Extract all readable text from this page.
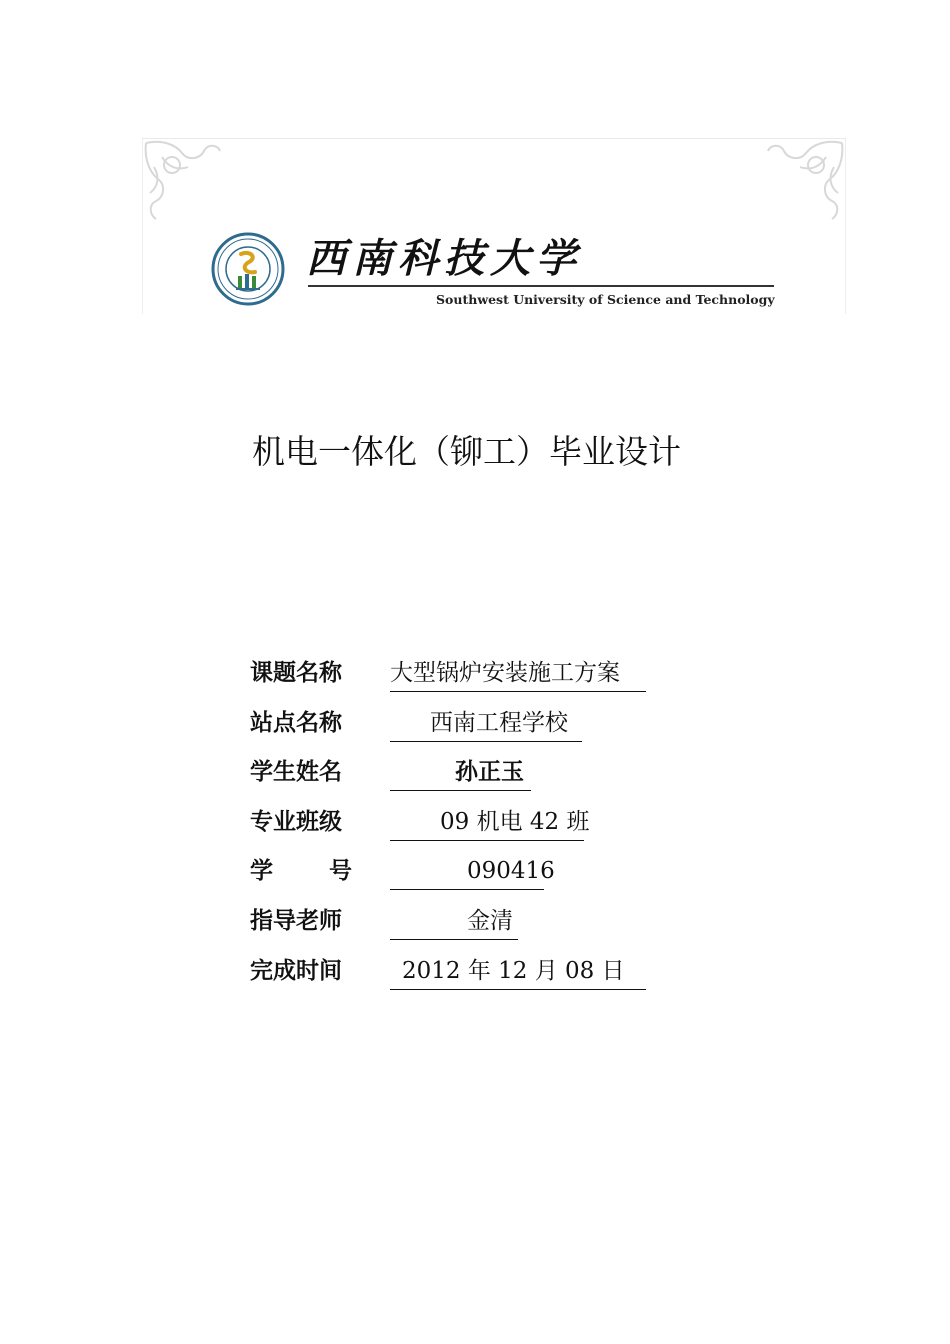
西南科技大学
Southwest University of Science and Technology
机电一体化（铆工）毕业设计
课题名称	大型锅炉安装施工方案
站点名称	西南工程学校
学生姓名	孙正玉
专业班级	09 机电 42 班
学 号	090416
指导老师	金清
完成时间	2012 年 12 月 08 日
